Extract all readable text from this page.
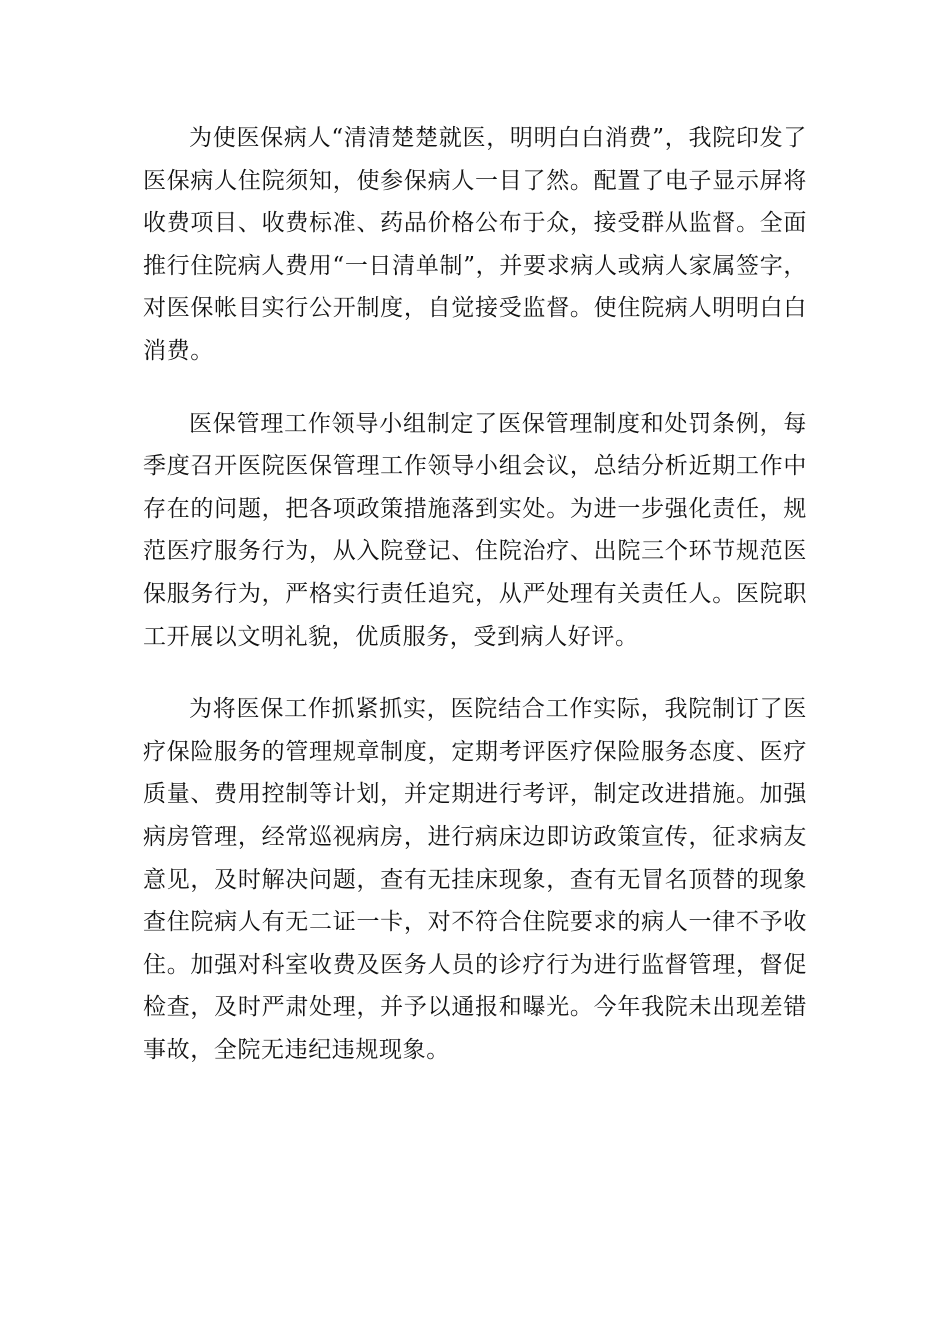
为使医保病人“清清楚楚就医，明明白白消费”，我院印发了医保病人住院须知，使参保病人一目了然。配置了电子显示屏将收费项目、收费标准、药品价格公布于众，接受群从监督。全面推行住院病人费用“一日清单制”，并要求病人或病人家属签字，对医保帐目实行公开制度，自觉接受监督。使住院病人明明白白消费。

医保管理工作领导小组制定了医保管理制度和处罚条例，每季度召开医院医保管理工作领导小组会议，总结分析近期工作中存在的问题，把各项政策措施落到实处。为进一步强化责任，规范医疗服务行为，从入院登记、住院治疗、出院三个环节规范医保服务行为，严格实行责任追究，从严处理有关责任人。医院职工开展以文明礼貌，优质服务，受到病人好评。

为将医保工作抓紧抓实，医院结合工作实际，我院制订了医疗保险服务的管理规章制度，定期考评医疗保险服务态度、医疗质量、费用控制等计划，并定期进行考评，制定改进措施。加强病房管理，经常巡视病房，进行病床边即访政策宣传，征求病友意见，及时解决问题，查有无挂床现象，查有无冒名顶替的现象查住院病人有无二证一卡，对不符合住院要求的病人一律不予收住。加强对科室收费及医务人员的诊疗行为进行监督管理，督促检查，及时严肃处理，并予以通报和曝光。今年我院未出现差错事故，全院无违纪违规现象。
